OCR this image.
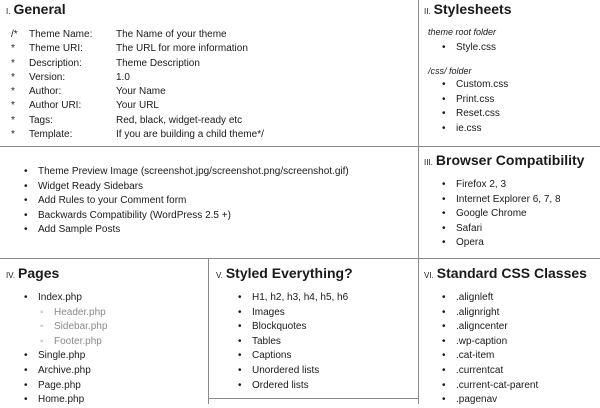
I. General
/*	Theme Name:	The Name of your theme
*	Theme URI:	The URL for more information
*	Description:	Theme Description
*	Version:	1.0
*	Author:	Your Name
*	Author URI:	Your URL
*	Tags:	Red, black, widget-ready etc
*	Template:	If you are building a child theme*/
• Theme Preview Image (screenshot.jpg/screenshot.png/screenshot.gif)
• Widget Ready Sidebars
• Add Rules to your Comment form
• Backwards Compatibility (WordPress 2.5 +)
• Add Sample Posts
II. Stylesheets
theme root folder
• Style.css
/css/ folder
• Custom.css
• Print.css
• Reset.css
• ie.css
III. Browser Compatibility
• Firefox 2, 3
• Internet Explorer 6, 7, 8
• Google Chrome
• Safari
• Opera
IV. Pages
• Index.php
◦ Header.php
◦ Sidebar.php
◦ Footer.php
• Single.php
• Archive.php
• Page.php
• Home.php
V. Styled Everything?
• H1, h2, h3, h4, h5, h6
• Images
• Blockquotes
• Tables
• Captions
• Unordered lists
• Ordered lists
VI. Standard CSS Classes
• .alignleft
• .alignright
• .aligncenter
• .wp-caption
• .cat-item
• .currentcat
• .current-cat-parent
• .pagenav
